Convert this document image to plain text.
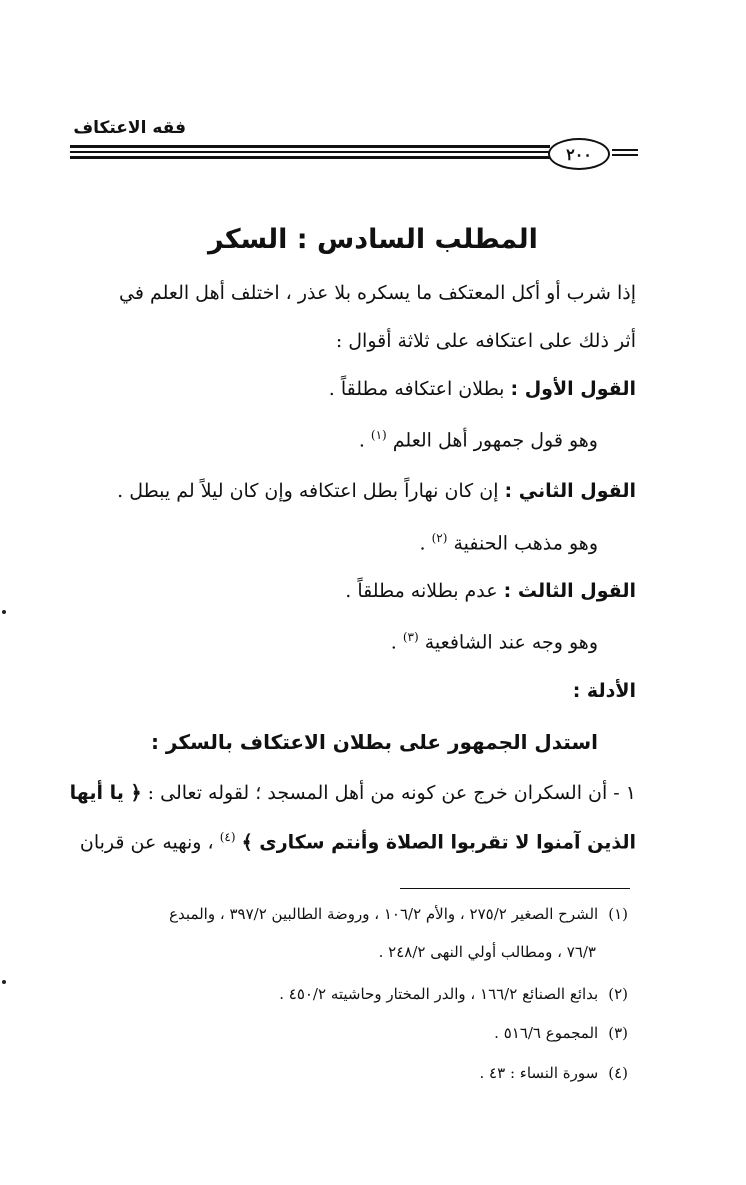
فقه الاعتكاف
٢٠٠
المطلب السادس : السكر
إذا شرب أو أكل المعتكف ما يسكره بلا عذر ، اختلف أهل العلم في
أثر ذلك على اعتكافه على ثلاثة أقوال :
القول الأول : بطلان اعتكافه مطلقاً .
وهو قول جمهور أهل العلم $^{(١)}$ .
القول الثاني : إن كان نهاراً بطل اعتكافه وإن كان ليلاً لم يبطل .
وهو مذهب الحنفية $^{(٢)}$ .
القول الثالث : عدم بطلانه مطلقاً .
وهو وجه عند الشافعية $^{(٣)}$ .
الأدلة :
استدل الجمهور على بطلان الاعتكاف بالسكر :
١ - أن السكران خرج عن كونه من أهل المسجد ؛ لقوله تعالى : ﴿ يا أيها
الذين آمنوا لا تقربوا الصلاة وأنتم سكارى ﴾ $^{(٤)}$ ، ونهيه عن قربان
(١)الشرح الصغير ٢٧٥/٢ ، والأم ١٠٦/٢ ، وروضة الطالبين ٣٩٧/٢ ، والمبدع
٧٦/٣ ، ومطالب أولي النهى ٢٤٨/٢ .
(٢)بدائع الصنائع ١٦٦/٢ ، والدر المختار وحاشيته ٤٥٠/٢ .
(٣)المجموع ٥١٦/٦ .
(٤)سورة النساء : ٤٣ .
